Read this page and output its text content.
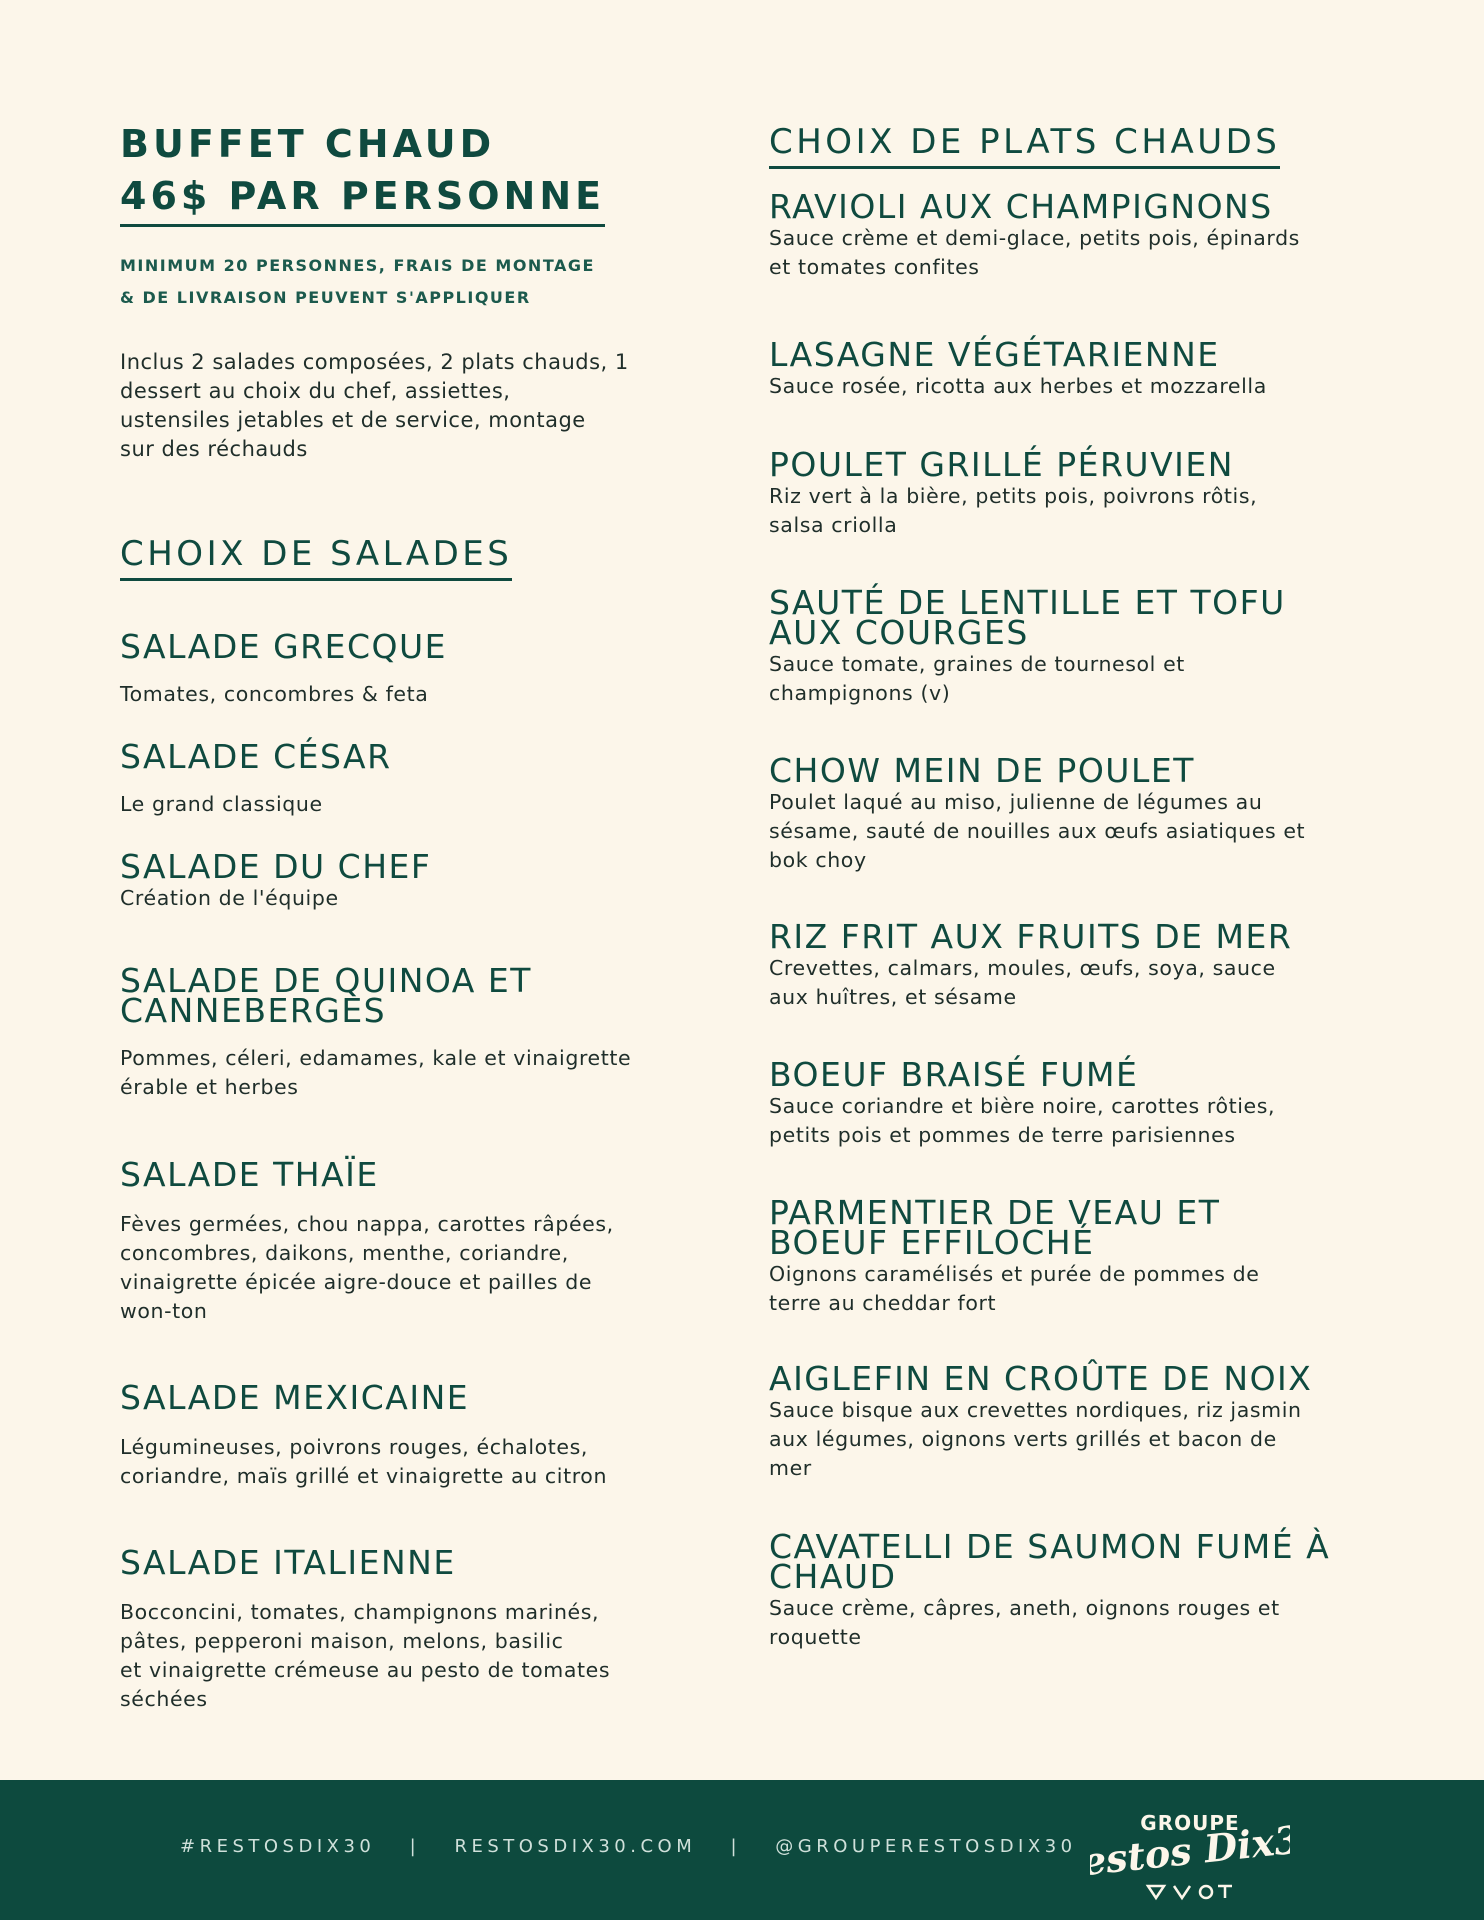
BUFFET CHAUD
46$ PAR PERSONNE
MINIMUM 20 PERSONNES, FRAIS DE MONTAGE
& DE LIVRAISON PEUVENT S'APPLIQUER
Inclus 2 salades composées, 2 plats chauds, 1
dessert au choix du chef, assiettes,
ustensiles jetables et de service, montage
sur des réchauds
CHOIX DE SALADES
SALADE GRECQUE
Tomates, concombres & feta
SALADE CÉSAR
Le grand classique
SALADE DU CHEF
Création de l'équipe
SALADE DE QUINOA ET
CANNEBERGES
Pommes, céleri, edamames, kale et vinaigrette
érable et herbes
SALADE THAÏE
Fèves germées, chou nappa, carottes râpées,
concombres, daikons, menthe, coriandre,
vinaigrette épicée aigre-douce et pailles de
won-ton
SALADE MEXICAINE
Légumineuses, poivrons rouges, échalotes,
coriandre, maïs grillé et vinaigrette au citron
SALADE ITALIENNE
Bocconcini, tomates, champignons marinés,
pâtes, pepperoni maison, melons, basilic
et vinaigrette crémeuse au pesto de tomates
séchées
CHOIX DE PLATS CHAUDS
RAVIOLI AUX CHAMPIGNONS
Sauce crème et demi-glace, petits pois, épinards
et tomates confites
LASAGNE VÉGÉTARIENNE
Sauce rosée, ricotta aux herbes et mozzarella
POULET GRILLÉ PÉRUVIEN
Riz vert à la bière, petits pois, poivrons rôtis,
salsa criolla
SAUTÉ DE LENTILLE ET TOFU
AUX COURGES
Sauce tomate, graines de tournesol et
champignons (v)
CHOW MEIN DE POULET
Poulet laqué au miso, julienne de légumes au
sésame, sauté de nouilles aux œufs asiatiques et
bok choy
RIZ FRIT AUX FRUITS DE MER
Crevettes, calmars, moules, œufs, soya, sauce
aux huîtres, et sésame
BOEUF BRAISÉ FUMÉ
Sauce coriandre et bière noire, carottes rôties,
petits pois et pommes de terre parisiennes
PARMENTIER DE VEAU ET
BOEUF EFFILOCHÉ
Oignons caramélisés et purée de pommes de
terre au cheddar fort
AIGLEFIN EN CROÛTE DE NOIX
Sauce bisque aux crevettes nordiques, riz jasmin
aux légumes, oignons verts grillés et bacon de
mer
CAVATELLI DE SAUMON FUMÉ À
CHAUD
Sauce crème, câpres, aneth, oignons rouges et
roquette
#RESTOSDIX30 | RESTOSDIX30.COM | @GROUPERESTOSDIX30
GROUPE
Restos Dix30
